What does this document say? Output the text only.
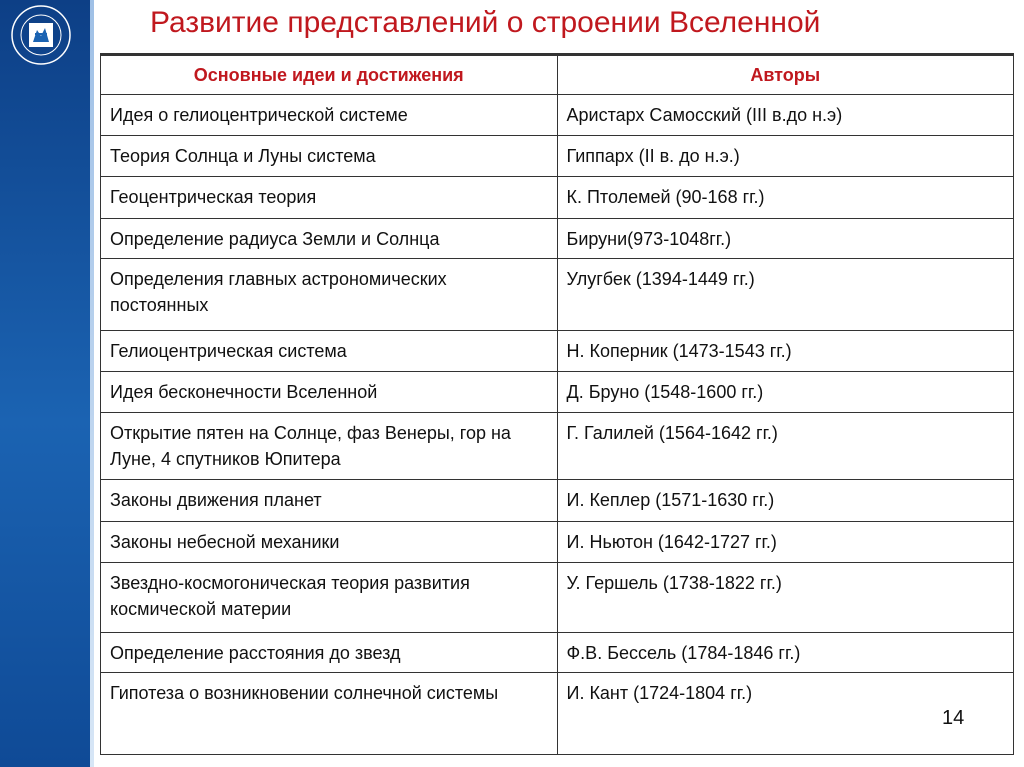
Развитие представлений о строении Вселенной
Основные идеи и достижения	Авторы
Идея о гелиоцентрической системе	Аристарх Самосский (III в.до н.э)
Теория Солнца и Луны система	Гиппарх (II в. до н.э.)
Геоцентрическая теория	К. Птолемей (90-168 гг.)
Определение радиуса Земли и Солнца	Бируни(973-1048гг.)
Определения главных астрономических постоянных	Улугбек (1394-1449 гг.)
Гелиоцентрическая система	Н. Коперник (1473-1543 гг.)
Идея бесконечности Вселенной	Д. Бруно (1548-1600 гг.)
Открытие пятен на Солнце, фаз Венеры, гор на Луне, 4 спутников Юпитера	Г. Галилей (1564-1642 гг.)
Законы движения планет	И. Кеплер (1571-1630 гг.)
Законы небесной механики	И. Ньютон (1642-1727 гг.)
Звездно-космогоническая теория развития космической материи	У. Гершель (1738-1822 гг.)
Определение расстояния до звезд	Ф.В. Бессель (1784-1846 гг.)
Гипотеза о возникновении солнечной системы	И. Кант (1724-1804 гг.)
14
